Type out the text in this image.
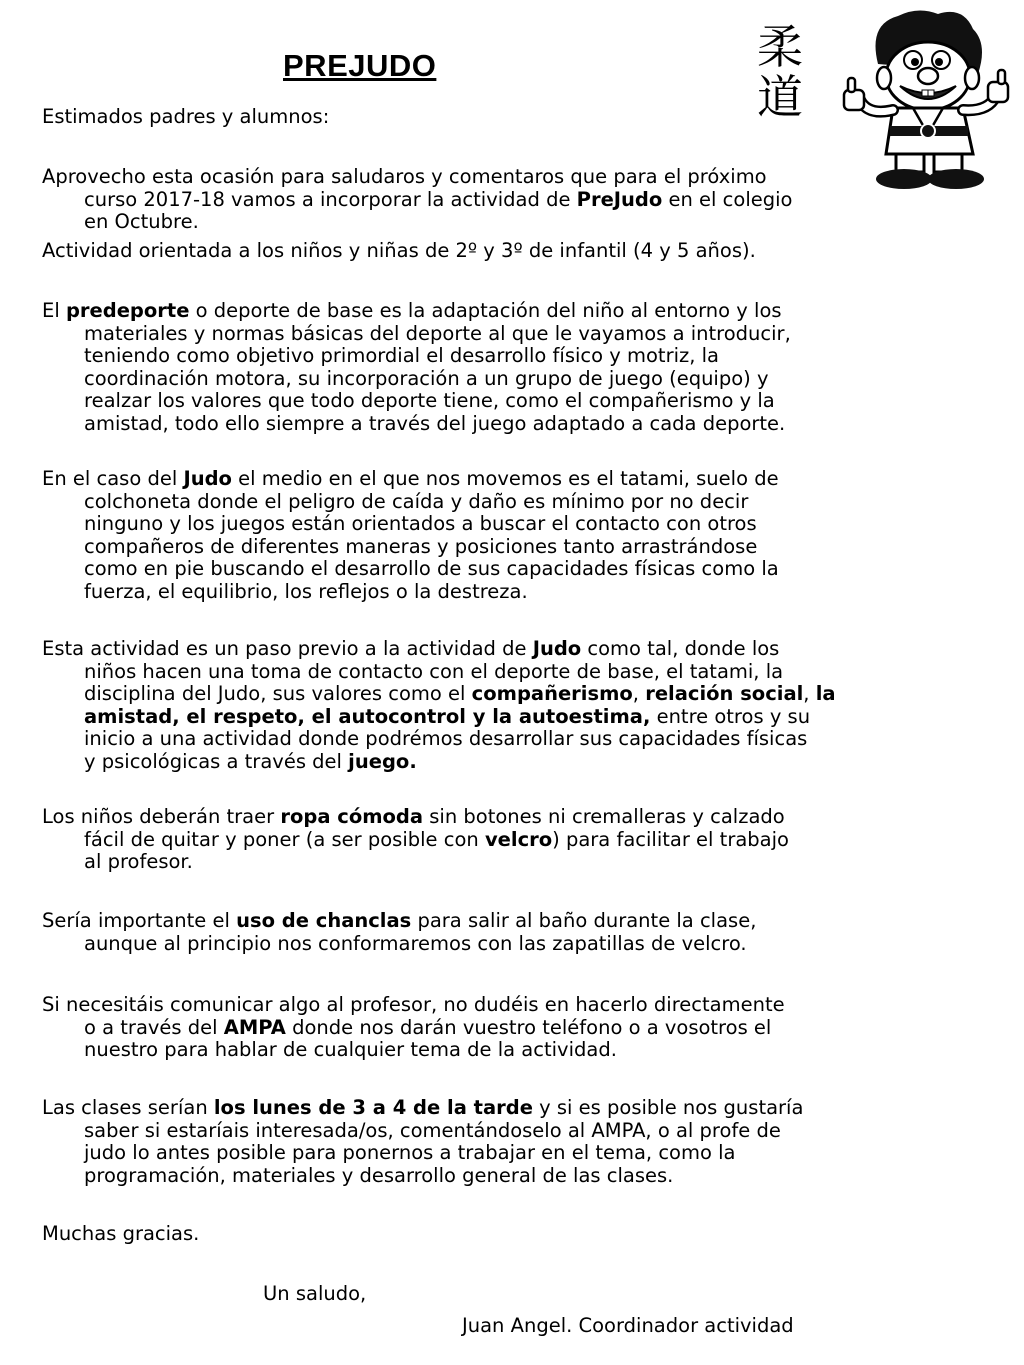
PREJUDO	柔
道
Estimados padres y alumnos:
Aprovecho esta ocasión para saludaros y comentaros que para el próximo
curso 2017-18 vamos a incorporar la actividad de PreJudo en el colegio
en Octubre.
Actividad orientada a los niños y niñas de 2º y 3º de infantil (4 y 5 años).
El predeporte o deporte de base es la adaptación del niño al entorno y los
materiales y normas básicas del deporte al que le vayamos a introducir,
teniendo como objetivo primordial el desarrollo físico y motriz, la
coordinación motora, su incorporación a un grupo de juego (equipo) y
realzar los valores que todo deporte tiene, como el compañerismo y la
amistad, todo ello siempre a través del juego adaptado a cada deporte.
En el caso del Judo el medio en el que nos movemos es el tatami, suelo de
colchoneta donde el peligro de caída y daño es mínimo por no decir
ninguno y los juegos están orientados a buscar el contacto con otros
compañeros de diferentes maneras y posiciones tanto arrastrándose
como en pie buscando el desarrollo de sus capacidades físicas como la
fuerza, el equilibrio, los reflejos o la destreza.
Esta actividad es un paso previo a la actividad de Judo como tal, donde los
niños hacen una toma de contacto con el deporte de base, el tatami, la
disciplina del Judo, sus valores como el compañerismo, relación social, la
amistad, el respeto, el autocontrol y la autoestima, entre otros y su
inicio a una actividad donde podrémos desarrollar sus capacidades físicas
y psicológicas a través del juego.
Los niños deberán traer ropa cómoda sin botones ni cremalleras y calzado
fácil de quitar y poner (a ser posible con velcro) para facilitar el trabajo
al profesor.
Sería importante el uso de chanclas para salir al baño durante la clase,
aunque al principio nos conformaremos con las zapatillas de velcro.
Si necesitáis comunicar algo al profesor, no dudéis en hacerlo directamente
o a través del AMPA donde nos darán vuestro teléfono o a vosotros el
nuestro para hablar de cualquier tema de la actividad.
Las clases serían los lunes de 3 a 4 de la tarde y si es posible nos gustaría
saber si estaríais interesada/os, comentándoselo al AMPA, o al profe de
judo lo antes posible para ponernos a trabajar en el tema, como la
programación, materiales y desarrollo general de las clases.
Muchas gracias.
Un saludo,
Juan Angel. Coordinador actividad
